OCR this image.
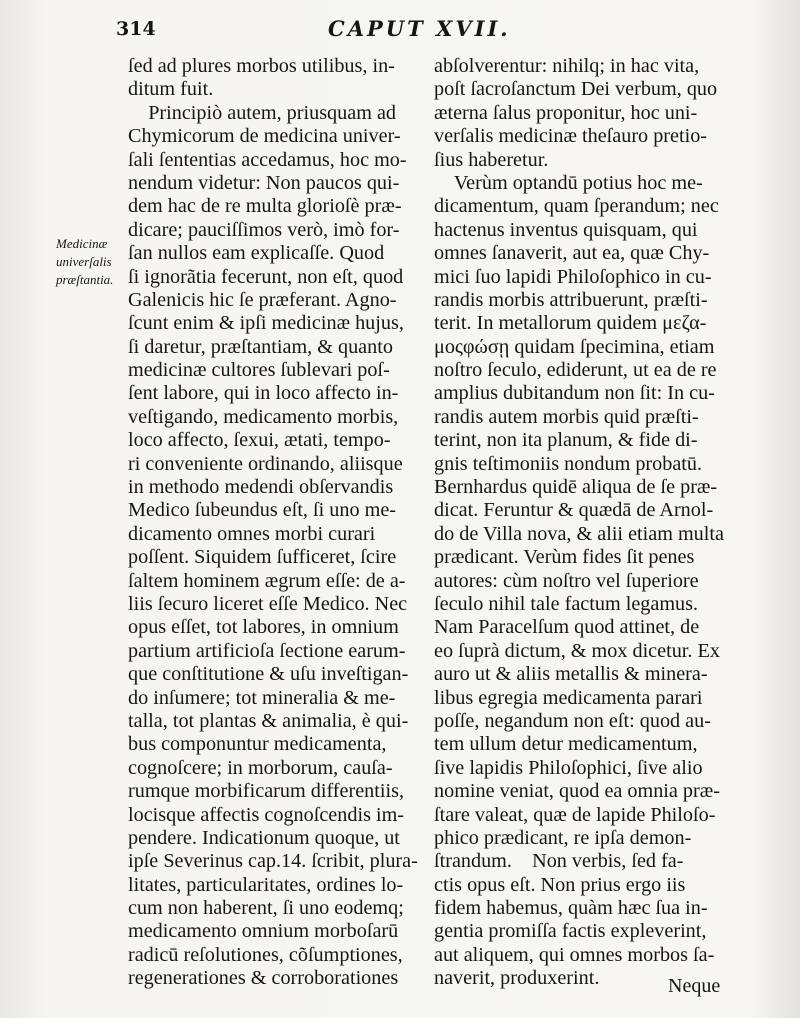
314	CAPUT XVII.
Medicinæ
univerſalis
præſtantia.
ſed ad plures morbos utilibus, in-
ditum fuit.
Principiò autem, priusquam ad
Chymicorum de medicina univer-
ſali ſententias accedamus, hoc mo-
nendum videtur: Non paucos qui-
dem hac de re multa glorioſè præ-
dicare; pauciſſimos verò, imò for-
ſan nullos eam explicaſſe. Quod
ſi ignorãtia fecerunt, non eſt, quod
Galenicis hic ſe præferant. Agno-
ſcunt enim & ipſi medicinæ hujus,
ſi daretur, præſtantiam, & quanto
medicinæ cultores ſublevari poſ-
ſent labore, qui in loco affecto in-
veſtigando, medicamento morbis,
loco affecto, ſexui, ætati, tempo-
ri conveniente ordinando, aliisque
in methodo medendi obſervandis
Medico ſubeundus eſt, ſi uno me-
dicamento omnes morbi curari
poſſent. Siquidem ſufficeret, ſcire
ſaltem hominem ægrum eſſe: de a-
liis ſecuro liceret eſſe Medico. Nec
opus eſſet, tot labores, in omnium
partium artificioſa ſectione earum-
que conſtitutione & uſu inveſtigan-
do inſumere; tot mineralia & me-
talla, tot plantas & animalia, è qui-
bus componuntur medicamenta,
cognoſcere; in morborum, cauſa-
rumque morbificarum differentiis,
locisque affectis cognoſcendis im-
pendere. Indicationum quoque, ut
ipſe Severinus cap.14. ſcribit, plura-
litates, particularitates, ordines lo-
cum non haberent, ſi uno eodemq;
medicamento omnium morboſarū
radicū reſolutiones, cõſumptiones,
regenerationes & corroborationes
abſolverentur: nihilq; in hac vita,
poſt ſacroſanctum Dei verbum, quo
æterna ſalus proponitur, hoc uni-
verſalis medicinæ theſauro pretio-
ſius haberetur.
Verùm optandū potius hoc me-
dicamentum, quam ſperandum; nec
hactenus inventus quisquam, qui
omnes ſanaverit, aut ea, quæ Chy-
mici ſuo lapidi Philoſophico in cu-
randis morbis attribuerunt, præſti-
terit. In metallorum quidem μεζα-
μοςφώσῃ quidam ſpecimina, etiam
noſtro ſeculo, ediderunt, ut ea de re
amplius dubitandum non ſit: In cu-
randis autem morbis quid præſti-
terint, non ita planum, & fide di-
gnis teſtimoniis nondum probatū.
Bernhardus quidē aliqua de ſe præ-
dicat. Feruntur & quædā de Arnol-
do de Villa nova, & alii etiam multa
prædicant. Verùm fides ſit penes
autores: cùm noſtro vel ſuperiore
ſeculo nihil tale factum legamus.
Nam Paracelſum quod attinet, de
eo ſuprà dictum, & mox dicetur. Ex
auro ut & aliis metallis & minera-
libus egregia medicamenta parari
poſſe, negandum non eſt: quod au-
tem ullum detur medicamentum,
ſive lapidis Philoſophici, ſive alio
nomine veniat, quod ea omnia præ-
ſtare valeat, quæ de lapide Philoſo-
phico prædicant, re ipſa demon-
ſtrandum.    Non verbis, ſed fa-
ctis opus eſt. Non prius ergo iis
fidem habemus, quàm hæc ſua in-
gentia promiſſa factis expleverint,
aut aliquem, qui omnes morbos ſa-
naverit, produxerint.	Neque
